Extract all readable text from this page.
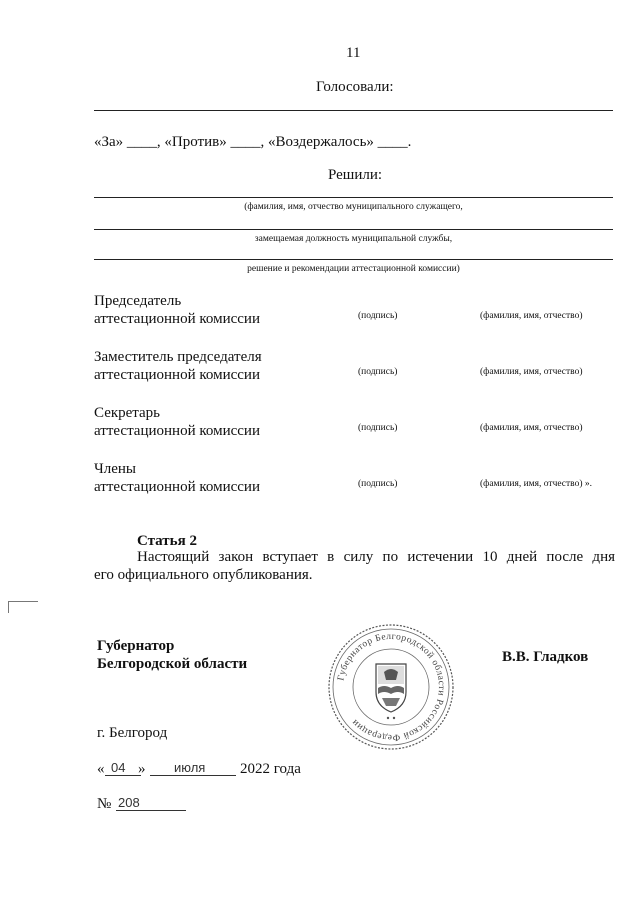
11
Голосовали:
«За» ____, «Против» ____, «Воздержалось» ____.
Решили:
(фамилия, имя, отчество муниципального служащего,
замещаемая должность муниципальной службы,
решение и рекомендации аттестационной комиссии)
Председатель
аттестационной комиссии	(подпись)	(фамилия, имя, отчество)
Заместитель председателя
аттестационной комиссии	(подпись)	(фамилия, имя, отчество)
Секретарь
аттестационной комиссии	(подпись)	(фамилия, имя, отчество)
Члены
аттестационной комиссии	(подпись)	(фамилия, имя, отчество) ».
Статья 2
Настоящий закон вступает в силу по истечении 10 дней после дня
его официального опубликования.
Губернатор
Белгородской области	В.В. Гладков
Губернатор Белгородской области Российской Федерации
г. Белгород
« 04 » июля 2022 года
№ 208
